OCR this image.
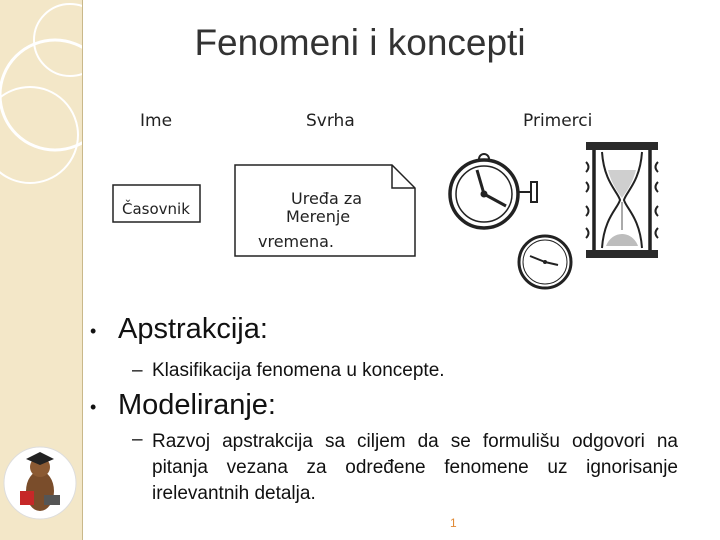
Fenomeni i koncepti
Ime	Svrha	Primerci
Časovnik
Uređa za
Merenje
vremena.
• Apstrakcija:
– Klasifikacija fenomena u koncepte.
• Modeliranje:
– Razvoj apstrakcija sa ciljem da se formulišu odgovori na pitanja vezana za određene fenomene uz ignorisanje irelevantnih detalja.
1
